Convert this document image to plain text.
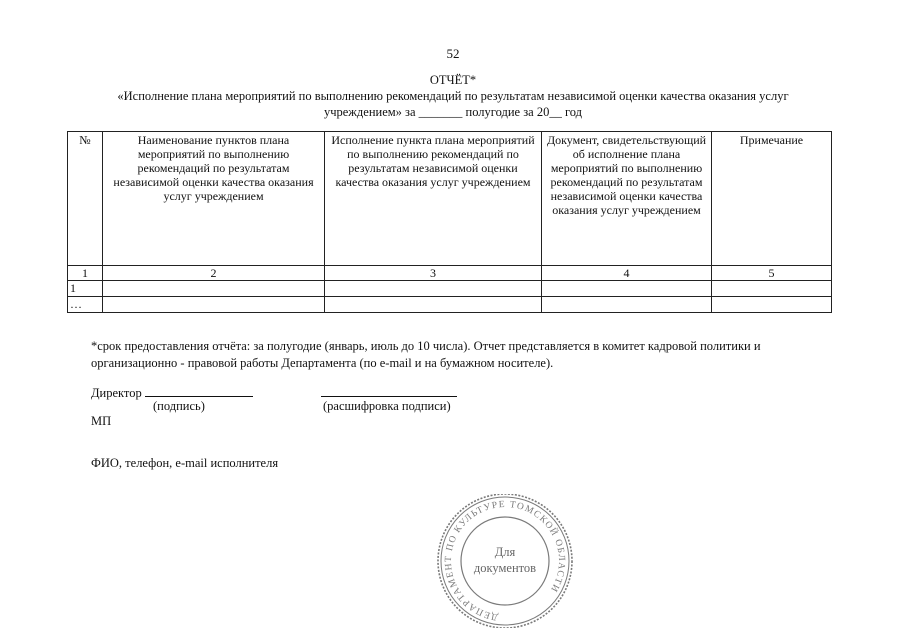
52
ОТЧЁТ*
«Исполнение плана мероприятий по выполнению рекомендаций по результатам независимой оценки качества оказания услуг
учреждением» за _______ полугодие за 20__ год
№	Наименование пунктов плана мероприятий по выполнению рекомендаций по результатам независимой оценки качества оказания услуг учреждением	Исполнение пункта плана мероприятий по выполнению рекомендаций по результатам независимой оценки качества оказания услуг учреждением	Документ, свидетельствующий об исполнение плана мероприятий по выполнению рекомендаций по результатам независимой оценки качества оказания услуг учреждением	Примечание
1	2	3	4	5
1				
…				
*срок предоставления отчёта: за полугодие (январь, июль до 10 числа). Отчет представляется в комитет кадровой политики и
организационно - правовой работы Департамента (по e-mail и на бумажном носителе).
Директор
(подпись)	(расшифровка подписи)
МП
ФИО, телефон, e-mail исполнителя
ДЕПАРТАМЕНТ ПО КУЛЬТУРЕ ТОМСКОЙ ОБЛАСТИ
Для
документов
